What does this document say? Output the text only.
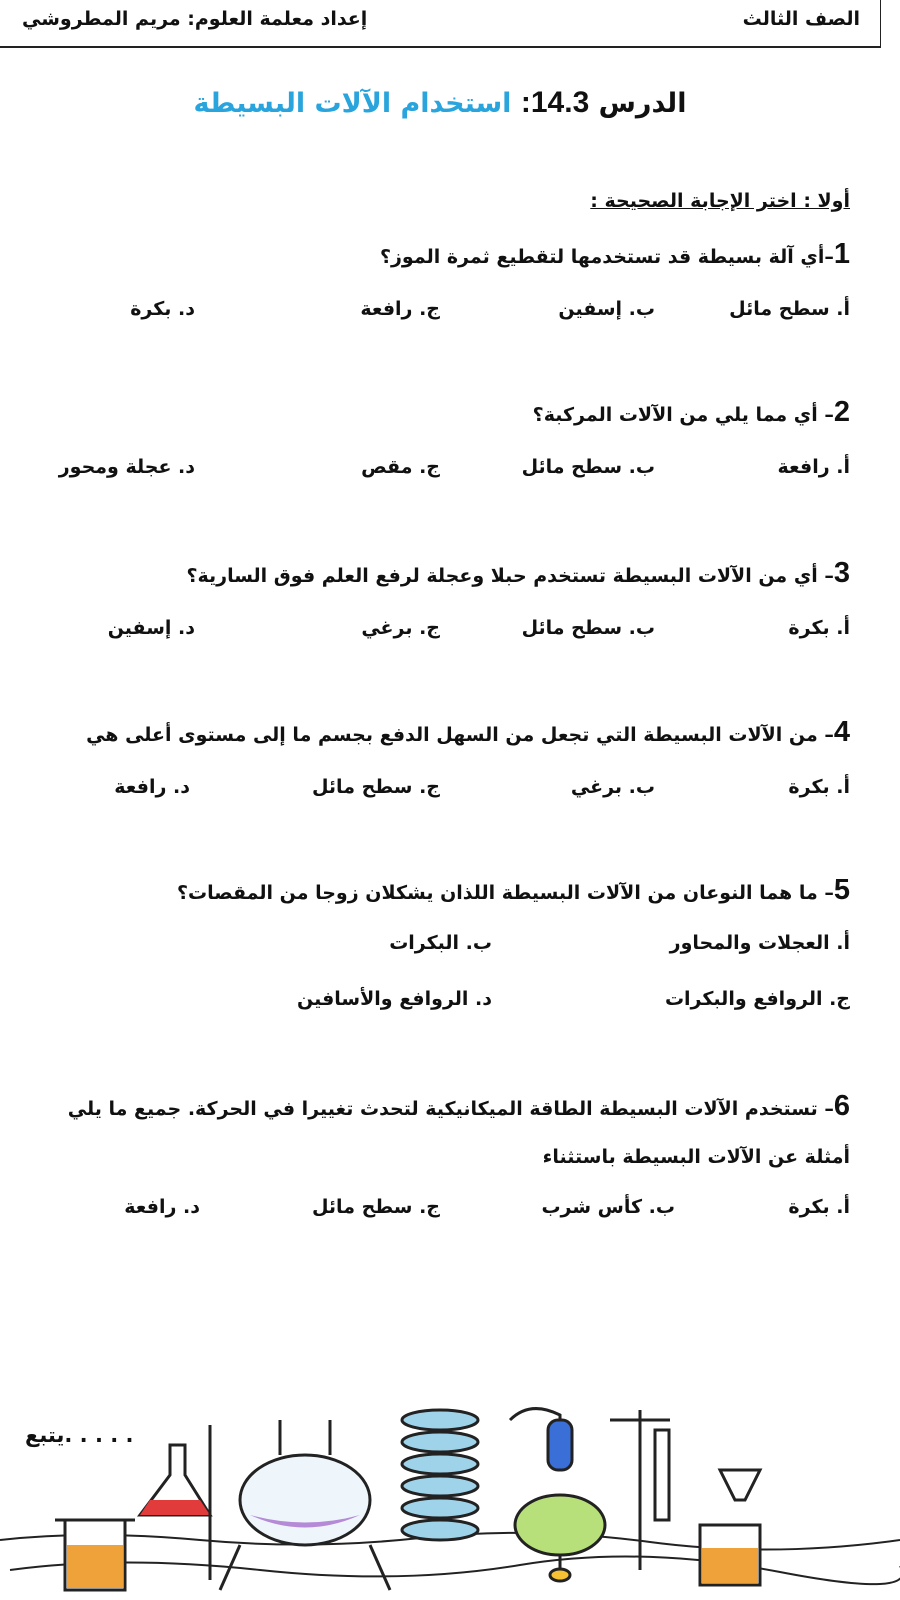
الصف الثالث
إعداد معلمة العلوم: مريم المطروشي
الدرس 14.3: استخدام الآلات البسيطة
أولا : اختر الإجابة الصحيحة :
1–أي آلة بسيطة قد تستخدمها لتقطيع ثمرة الموز؟
أ. سطح مائل
ب. إسفين
ج. رافعة
د. بكرة
2– أي مما يلي من الآلات المركبة؟
أ. رافعة
ب. سطح مائل
ج. مقص
د. عجلة ومحور
3– أي من الآلات البسيطة تستخدم حبلا وعجلة لرفع العلم فوق السارية؟
أ. بكرة
ب. سطح مائل
ج. برغي
د. إسفين
4– من الآلات البسيطة التي تجعل من السهل الدفع بجسم ما إلى مستوى أعلى هي
أ. بكرة
ب. برغي
ج. سطح مائل
د. رافعة
5– ما هما النوعان من الآلات البسيطة اللذان يشكلان زوجا من المقصات؟
أ. العجلات والمحاور
ب. البكرات
ج. الروافع والبكرات
د. الروافع والأسافين
6– تستخدم الآلات البسيطة الطاقة الميكانيكية لتحدث تغييرا في الحركة. جميع ما يلي أمثلة عن الآلات البسيطة باستثناء
أ. بكرة
ب. كأس شرب
ج. سطح مائل
د. رافعة
يتبع. . . . .
